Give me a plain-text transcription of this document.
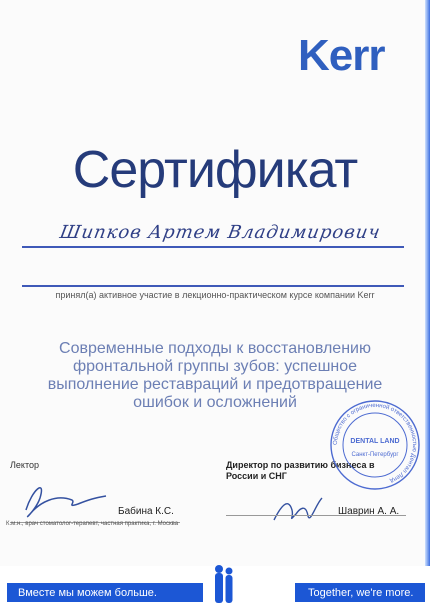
Kerr
Сертификат
Шипков Артем Владимирович
принял(а) активное участие в лекционно-практическом курсе компании Kerr
Современные подходы к восстановлению фронтальной группы зубов: успешное выполнение реставраций и предотвращение ошибок и осложнений
Лектор
Бабина К.С.
К.м.н., врач стоматолог-терапевт, частная практика, г. Москва
Директор по развитию бизнеса в России и СНГ
Шаврин А. А.
Общество с ограниченной ответственностью Дентал Ленд
DENTAL LAND
Санкт-Петербург
Вместе мы можем больше.	Together, we're more.
